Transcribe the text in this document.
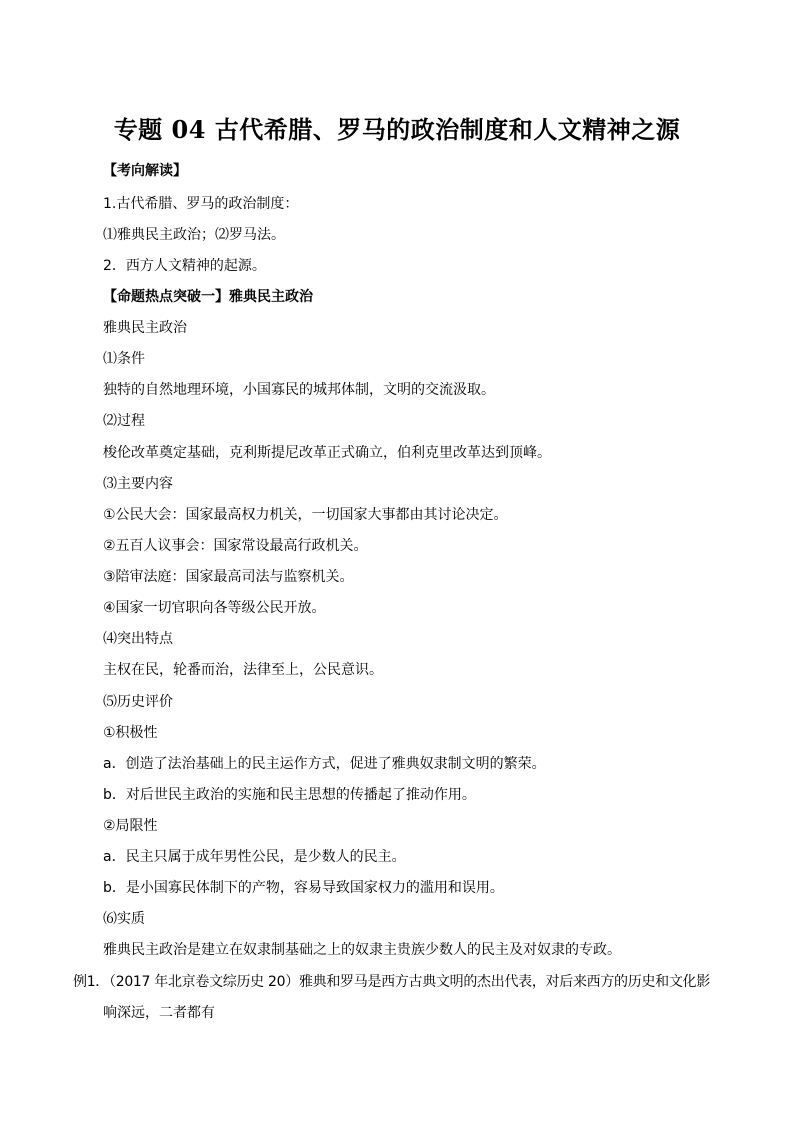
专题 04 古代希腊、罗马的政治制度和人文精神之源
【考向解读】
1.古代希腊、罗马的政治制度：
⑴雅典民主政治；⑵罗马法。
2．西方人文精神的起源。
【命题热点突破一】雅典民主政治
雅典民主政治
⑴条件
独特的自然地理环境，小国寡民的城邦体制，文明的交流汲取。
⑵过程
梭伦改革奠定基础，克利斯提尼改革正式确立，伯利克里改革达到顶峰。
⑶主要内容
①公民大会：国家最高权力机关，一切国家大事都由其讨论决定。
②五百人议事会：国家常设最高行政机关。
③陪审法庭：国家最高司法与监察机关。
④国家一切官职向各等级公民开放。
⑷突出特点
主权在民，轮番而治，法律至上，公民意识。
⑸历史评价
①积极性
a．创造了法治基础上的民主运作方式，促进了雅典奴隶制文明的繁荣。
b．对后世民主政治的实施和民主思想的传播起了推动作用。
②局限性
a．民主只属于成年男性公民，是少数人的民主。
b．是小国寡民体制下的产物，容易导致国家权力的滥用和误用。
⑹实质
雅典民主政治是建立在奴隶制基础之上的奴隶主贵族少数人的民主及对奴隶的专政。
例1．（2017 年北京卷文综历史 20）雅典和罗马是西方古典文明的杰出代表，对后来西方的历史和文化影
响深远，二者都有
